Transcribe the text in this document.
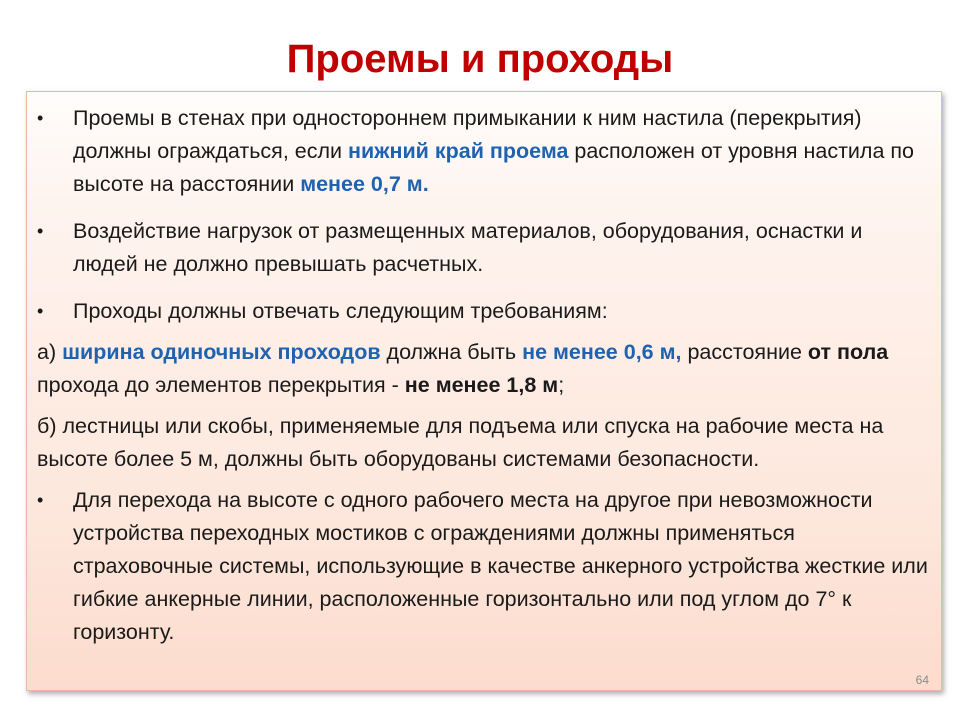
Проемы и проходы

•	Проемы в стенах при одностороннем примыкании к ним настила (перекрытия) должны ограждаться, если нижний край проема расположен от уровня настила по высоте на расстоянии менее 0,7 м.

•	Воздействие нагрузок от размещенных материалов, оборудования, оснастки и людей не должно превышать расчетных.

•	Проходы должны отвечать следующим требованиям:

а) ширина одиночных проходов должна быть не менее 0,6 м, расстояние от пола прохода до элементов перекрытия - не менее 1,8 м;

б) лестницы или скобы, применяемые для подъема или спуска на рабочие места на высоте более 5 м, должны быть оборудованы системами безопасности.

•	Для перехода на высоте с одного рабочего места на другое при невозможности устройства переходных мостиков с ограждениями должны применяться страховочные системы, использующие в качестве анкерного устройства жесткие или гибкие анкерные линии, расположенные горизонтально или под углом до 7° к горизонту.

64
